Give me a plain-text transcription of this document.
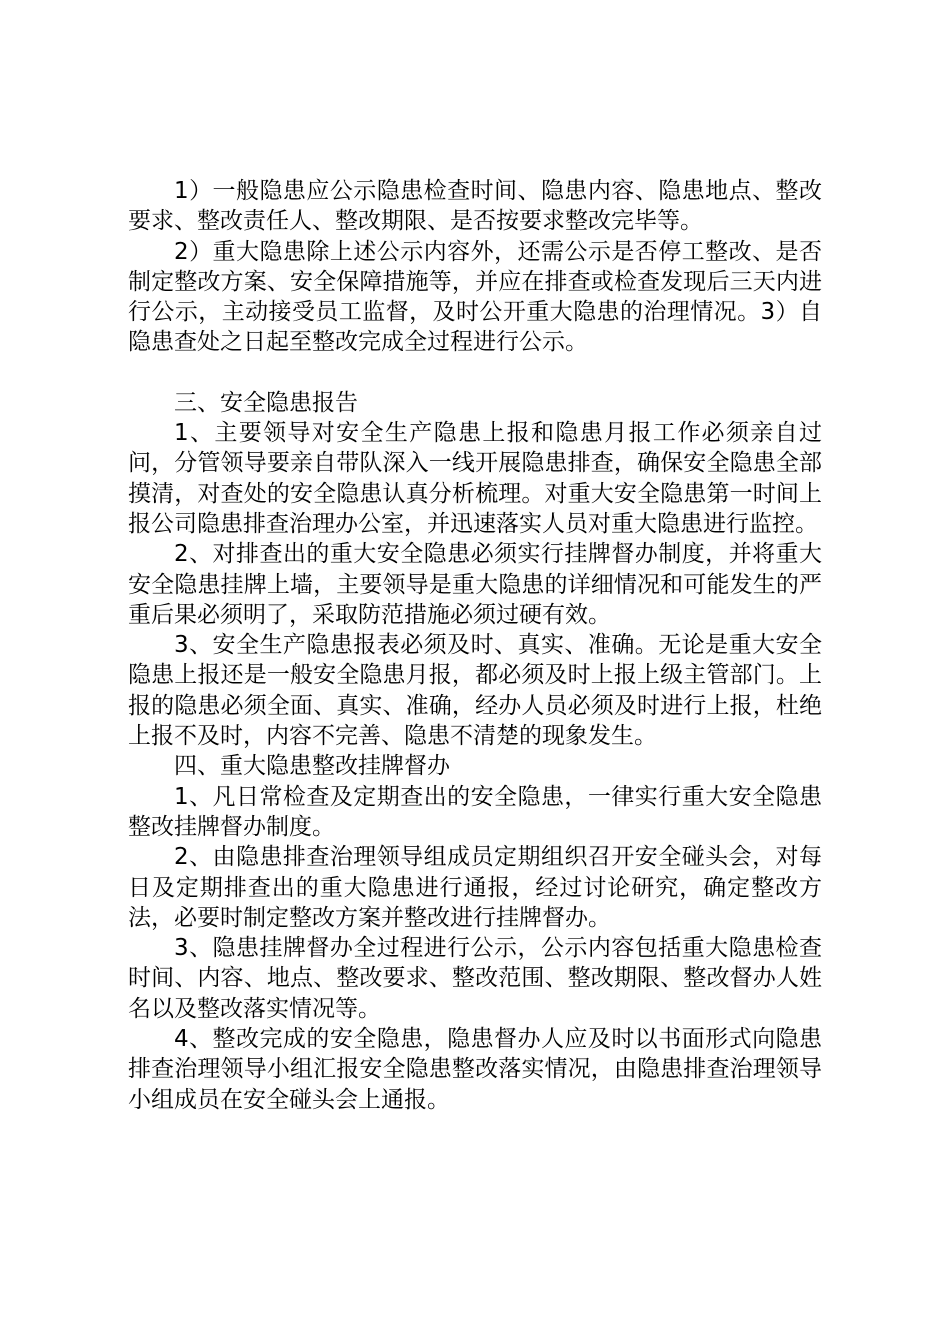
1）一般隐患应公示隐患检查时间、隐患内容、隐患地点、整改要求、整改责任人、整改期限、是否按要求整改完毕等。

2）重大隐患除上述公示内容外，还需公示是否停工整改、是否制定整改方案、安全保障措施等，并应在排查或检查发现后三天内进行公示，主动接受员工监督，及时公开重大隐患的治理情况。3）自隐患查处之日起至整改完成全过程进行公示。

三、安全隐患报告

1、主要领导对安全生产隐患上报和隐患月报工作必须亲自过问，分管领导要亲自带队深入一线开展隐患排查，确保安全隐患全部摸清，对查处的安全隐患认真分析梳理。对重大安全隐患第一时间上报公司隐患排查治理办公室，并迅速落实人员对重大隐患进行监控。

2、对排查出的重大安全隐患必须实行挂牌督办制度，并将重大安全隐患挂牌上墙，主要领导是重大隐患的详细情况和可能发生的严重后果必须明了，采取防范措施必须过硬有效。

3、安全生产隐患报表必须及时、真实、准确。无论是重大安全隐患上报还是一般安全隐患月报，都必须及时上报上级主管部门。上报的隐患必须全面、真实、准确，经办人员必须及时进行上报，杜绝上报不及时，内容不完善、隐患不清楚的现象发生。

四、重大隐患整改挂牌督办

1、凡日常检查及定期查出的安全隐患，一律实行重大安全隐患整改挂牌督办制度。

2、由隐患排查治理领导组成员定期组织召开安全碰头会，对每日及定期排查出的重大隐患进行通报，经过讨论研究，确定整改方法，必要时制定整改方案并整改进行挂牌督办。

3、隐患挂牌督办全过程进行公示，公示内容包括重大隐患检查时间、内容、地点、整改要求、整改范围、整改期限、整改督办人姓名以及整改落实情况等。

4、整改完成的安全隐患，隐患督办人应及时以书面形式向隐患排查治理领导小组汇报安全隐患整改落实情况，由隐患排查治理领导小组成员在安全碰头会上通报。
